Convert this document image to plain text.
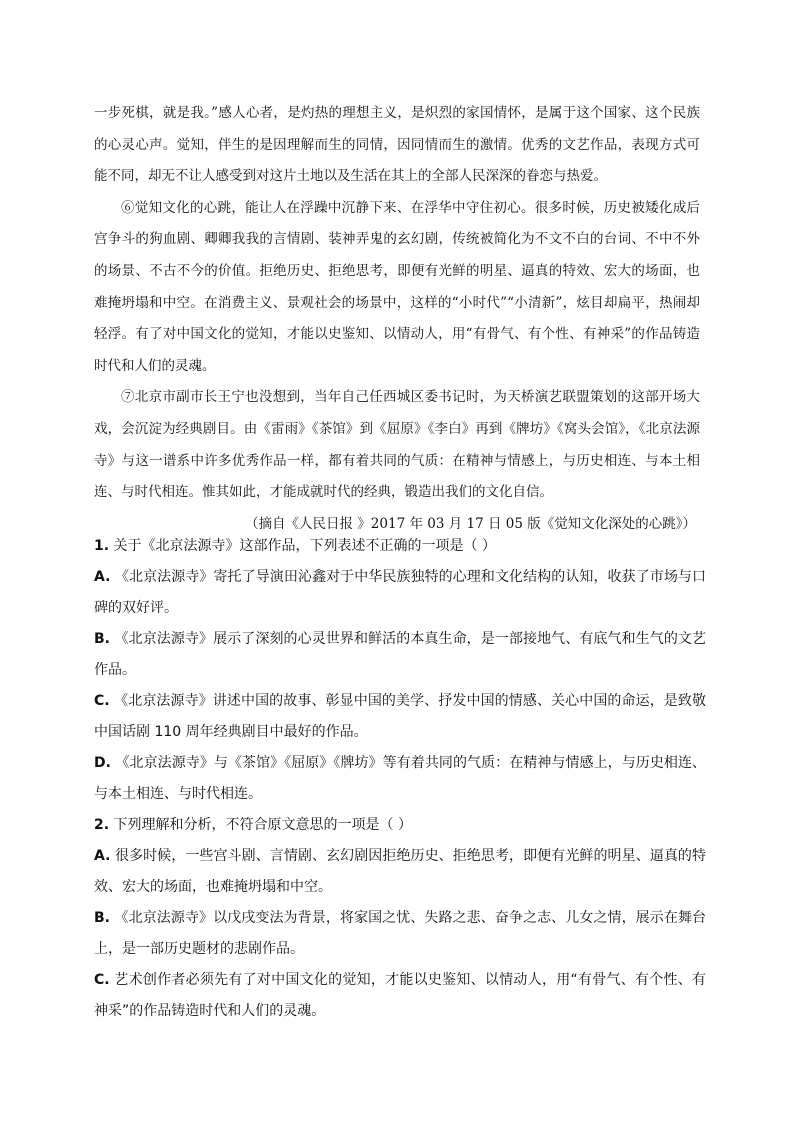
一步死棋，就是我。”感人心者，是灼热的理想主义，是炽烈的家国情怀，是属于这个国家、这个民族的心灵心声。觉知，伴生的是因理解而生的同情，因同情而生的激情。优秀的文艺作品，表现方式可能不同，却无不让人感受到对这片土地以及生活在其上的全部人民深深的眷恋与热爱。

⑥觉知文化的心跳，能让人在浮躁中沉静下来、在浮华中守住初心。很多时候，历史被矮化成后宫争斗的狗血剧、卿卿我我的言情剧、装神弄鬼的玄幻剧，传统被简化为不文不白的台词、不中不外的场景、不古不今的价值。拒绝历史、拒绝思考，即便有光鲜的明星、逼真的特效、宏大的场面，也难掩坍塌和中空。在消费主义、景观社会的场景中，这样的“小时代”“小清新”，炫目却扁平，热闹却轻浮。有了对中国文化的觉知，才能以史鉴知、以情动人，用“有骨气、有个性、有神采”的作品铸造时代和人们的灵魂。

⑦北京市副市长王宁也没想到，当年自己任西城区委书记时，为天桥演艺联盟策划的这部开场大戏，会沉淀为经典剧目。由《雷雨》《茶馆》到《屈原》《李白》再到《牌坊》《窝头会馆》，《北京法源寺》与这一谱系中许多优秀作品一样，都有着共同的气质：在精神与情感上，与历史相连、与本土相连、与时代相连。惟其如此，才能成就时代的经典，锻造出我们的文化自信。

（摘自《人民日报 》2017 年 03 月 17 日 05 版《觉知文化深处的心跳》）

1. 关于《北京法源寺》这部作品，下列表述不正确的一项是（ ）

A. 《北京法源寺》寄托了导演田沁鑫对于中华民族独特的心理和文化结构的认知，收获了市场与口碑的双好评。

B. 《北京法源寺》展示了深刻的心灵世界和鲜活的本真生命，是一部接地气、有底气和生气的文艺作品。

C. 《北京法源寺》讲述中国的故事、彰显中国的美学、抒发中国的情感、关心中国的命运，是致敬中国话剧 110 周年经典剧目中最好的作品。

D. 《北京法源寺》与《茶馆》《屈原》《牌坊》等有着共同的气质：在精神与情感上，与历史相连、与本土相连、与时代相连。

2. 下列理解和分析，不符合原文意思的一项是（ ）

A. 很多时候，一些宫斗剧、言情剧、玄幻剧因拒绝历史、拒绝思考，即便有光鲜的明星、逼真的特效、宏大的场面，也难掩坍塌和中空。

B. 《北京法源寺》以戊戌变法为背景，将家国之忧、失路之悲、奋争之志、儿女之情，展示在舞台上，是一部历史题材的悲剧作品。

C. 艺术创作者必须先有了对中国文化的觉知，才能以史鉴知、以情动人，用“有骨气、有个性、有神采”的作品铸造时代和人们的灵魂。
